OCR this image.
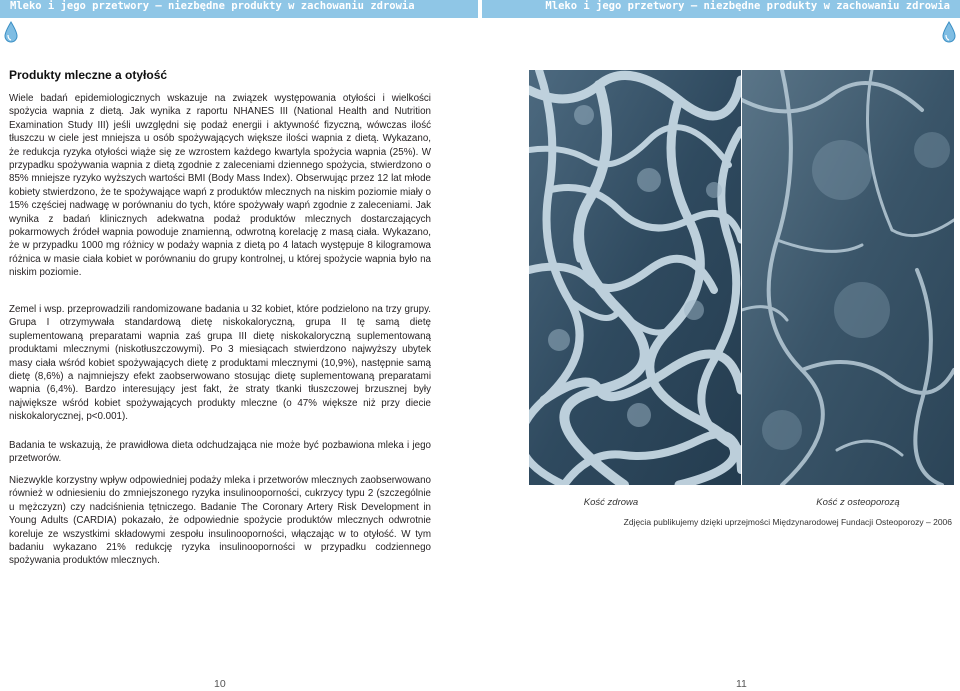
Mleko i jego przetwory – niezbędne produkty w zachowaniu zdrowia	Mleko i jego przetwory – niezbędne produkty w zachowaniu zdrowia
Produkty mleczne a otyłość

Wiele badań epidemiologicznych wskazuje na związek występowania otyłości i wielkości spożycia wapnia z dietą. Jak wynika z raportu NHANES III (National Health and Nutrition Examination Study III) jeśli uwzględni się podaż energii i aktywność fizyczną, wówczas ilość tłuszczu w ciele jest mniejsza u osób spożywających większe ilości wapnia z dietą. Wykazano, że redukcja ryzyka otyłości wiąże się ze wzrostem każdego kwartyla spożycia wapnia (25%). W przypadku spożywania wapnia z dietą zgodnie z zaleceniami dziennego spożycia, stwierdzono o 85% mniejsze ryzyko wyższych wartości BMI (Body Mass Index). Obserwując przez 12 lat młode kobiety stwierdzono, że te spożywające wapń z produktów mlecznych na niskim poziomie miały o 15% częściej nadwagę w porównaniu do tych, które spożywały wapń zgodnie z zaleceniami. Jak wynika z badań klinicznych adekwatna podaż produktów mlecznych dostarczających pokarmowych źródeł wapnia powoduje znamienną, odwrotną korelację z masą ciała. Wykazano, że w przypadku 1000 mg różnicy w podaży wapnia z dietą po 4 latach występuje 8 kilogramowa różnica w masie ciała kobiet w porównaniu do grupy kontrolnej, u której spożycie wapnia było na niskim poziomie.

Zemel i wsp. przeprowadzili randomizowane badania u 32 kobiet, które podzielono na trzy grupy. Grupa I otrzymywała standardową dietę niskokaloryczną, grupa II tę samą dietę suplementowaną preparatami wapnia zaś grupa III dietę niskokaloryczną suplementowaną produktami mlecznymi (niskotłuszczowymi). Po 3 miesiącach stwierdzono najwyższy ubytek masy ciała wśród kobiet spożywających dietę z produktami mlecznymi (10,9%), następnie samą dietę (8,6%) a najmniejszy efekt zaobserwowano stosując dietę suplementowaną preparatami wapnia (6,4%). Bardzo interesujący jest fakt, że straty tkanki tłuszczowej brzusznej były największe wśród kobiet spożywających produkty mleczne (o 47% większe niż przy diecie niskokalorycznej, p<0.001).

Badania te wskazują, że prawidłowa dieta odchudzająca nie może być pozbawiona mleka i jego przetworów.

Niezwykle korzystny wpływ odpowiedniej podaży mleka i przetworów mlecznych zaobserwowano również w odniesieniu do zmniejszonego ryzyka insulinooporności, cukrzycy typu 2 (szczególnie u mężczyzn) czy nadciśnienia tętniczego. Badanie The Coronary Artery Risk Development in Young Adults (CARDIA) pokazało, że odpowiednie spożycie produktów mlecznych odwrotnie koreluje ze wszystkimi składowymi zespołu insulinooporności, włączając w to otyłość. W tym badaniu wykazano 21% redukcję ryzyka insulinooporności w przypadku codziennego spożywania produktów mlecznych.

Kość zdrowa	Kość z osteoporozą
Zdjęcia publikujemy dzięki uprzejmości Międzynarodowej Fundacji Osteoporozy – 2006
10	11
